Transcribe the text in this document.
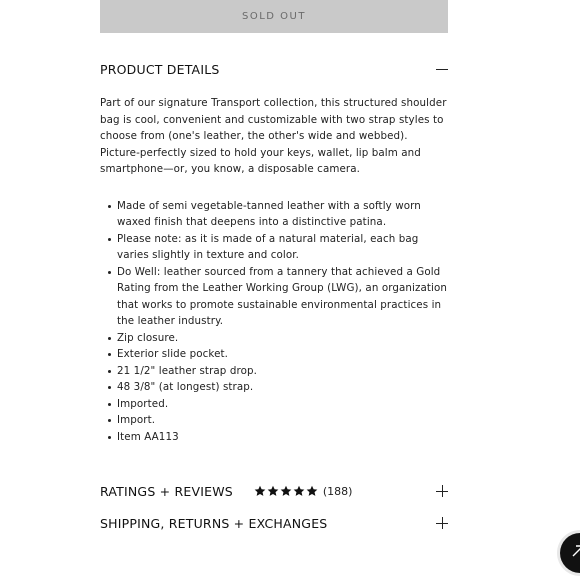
SOLD OUT
PRODUCT DETAILS
Part of our signature Transport collection, this structured shoulder bag is cool, convenient and customizable with two strap styles to choose from (one's leather, the other's wide and webbed). Picture-perfectly sized to hold your keys, wallet, lip balm and smartphone—or, you know, a disposable camera.
Made of semi vegetable-tanned leather with a softly worn waxed finish that deepens into a distinctive patina.
Please note: as it is made of a natural material, each bag varies slightly in texture and color.
Do Well: leather sourced from a tannery that achieved a Gold Rating from the Leather Working Group (LWG), an organization that works to promote sustainable environmental practices in the leather industry.
Zip closure.
Exterior slide pocket.
21 1/2" leather strap drop.
48 3/8" (at longest) strap.
Imported.
Import.
Item AA113
RATINGS + REVIEWS	(188)
SHIPPING, RETURNS + EXCHANGES
